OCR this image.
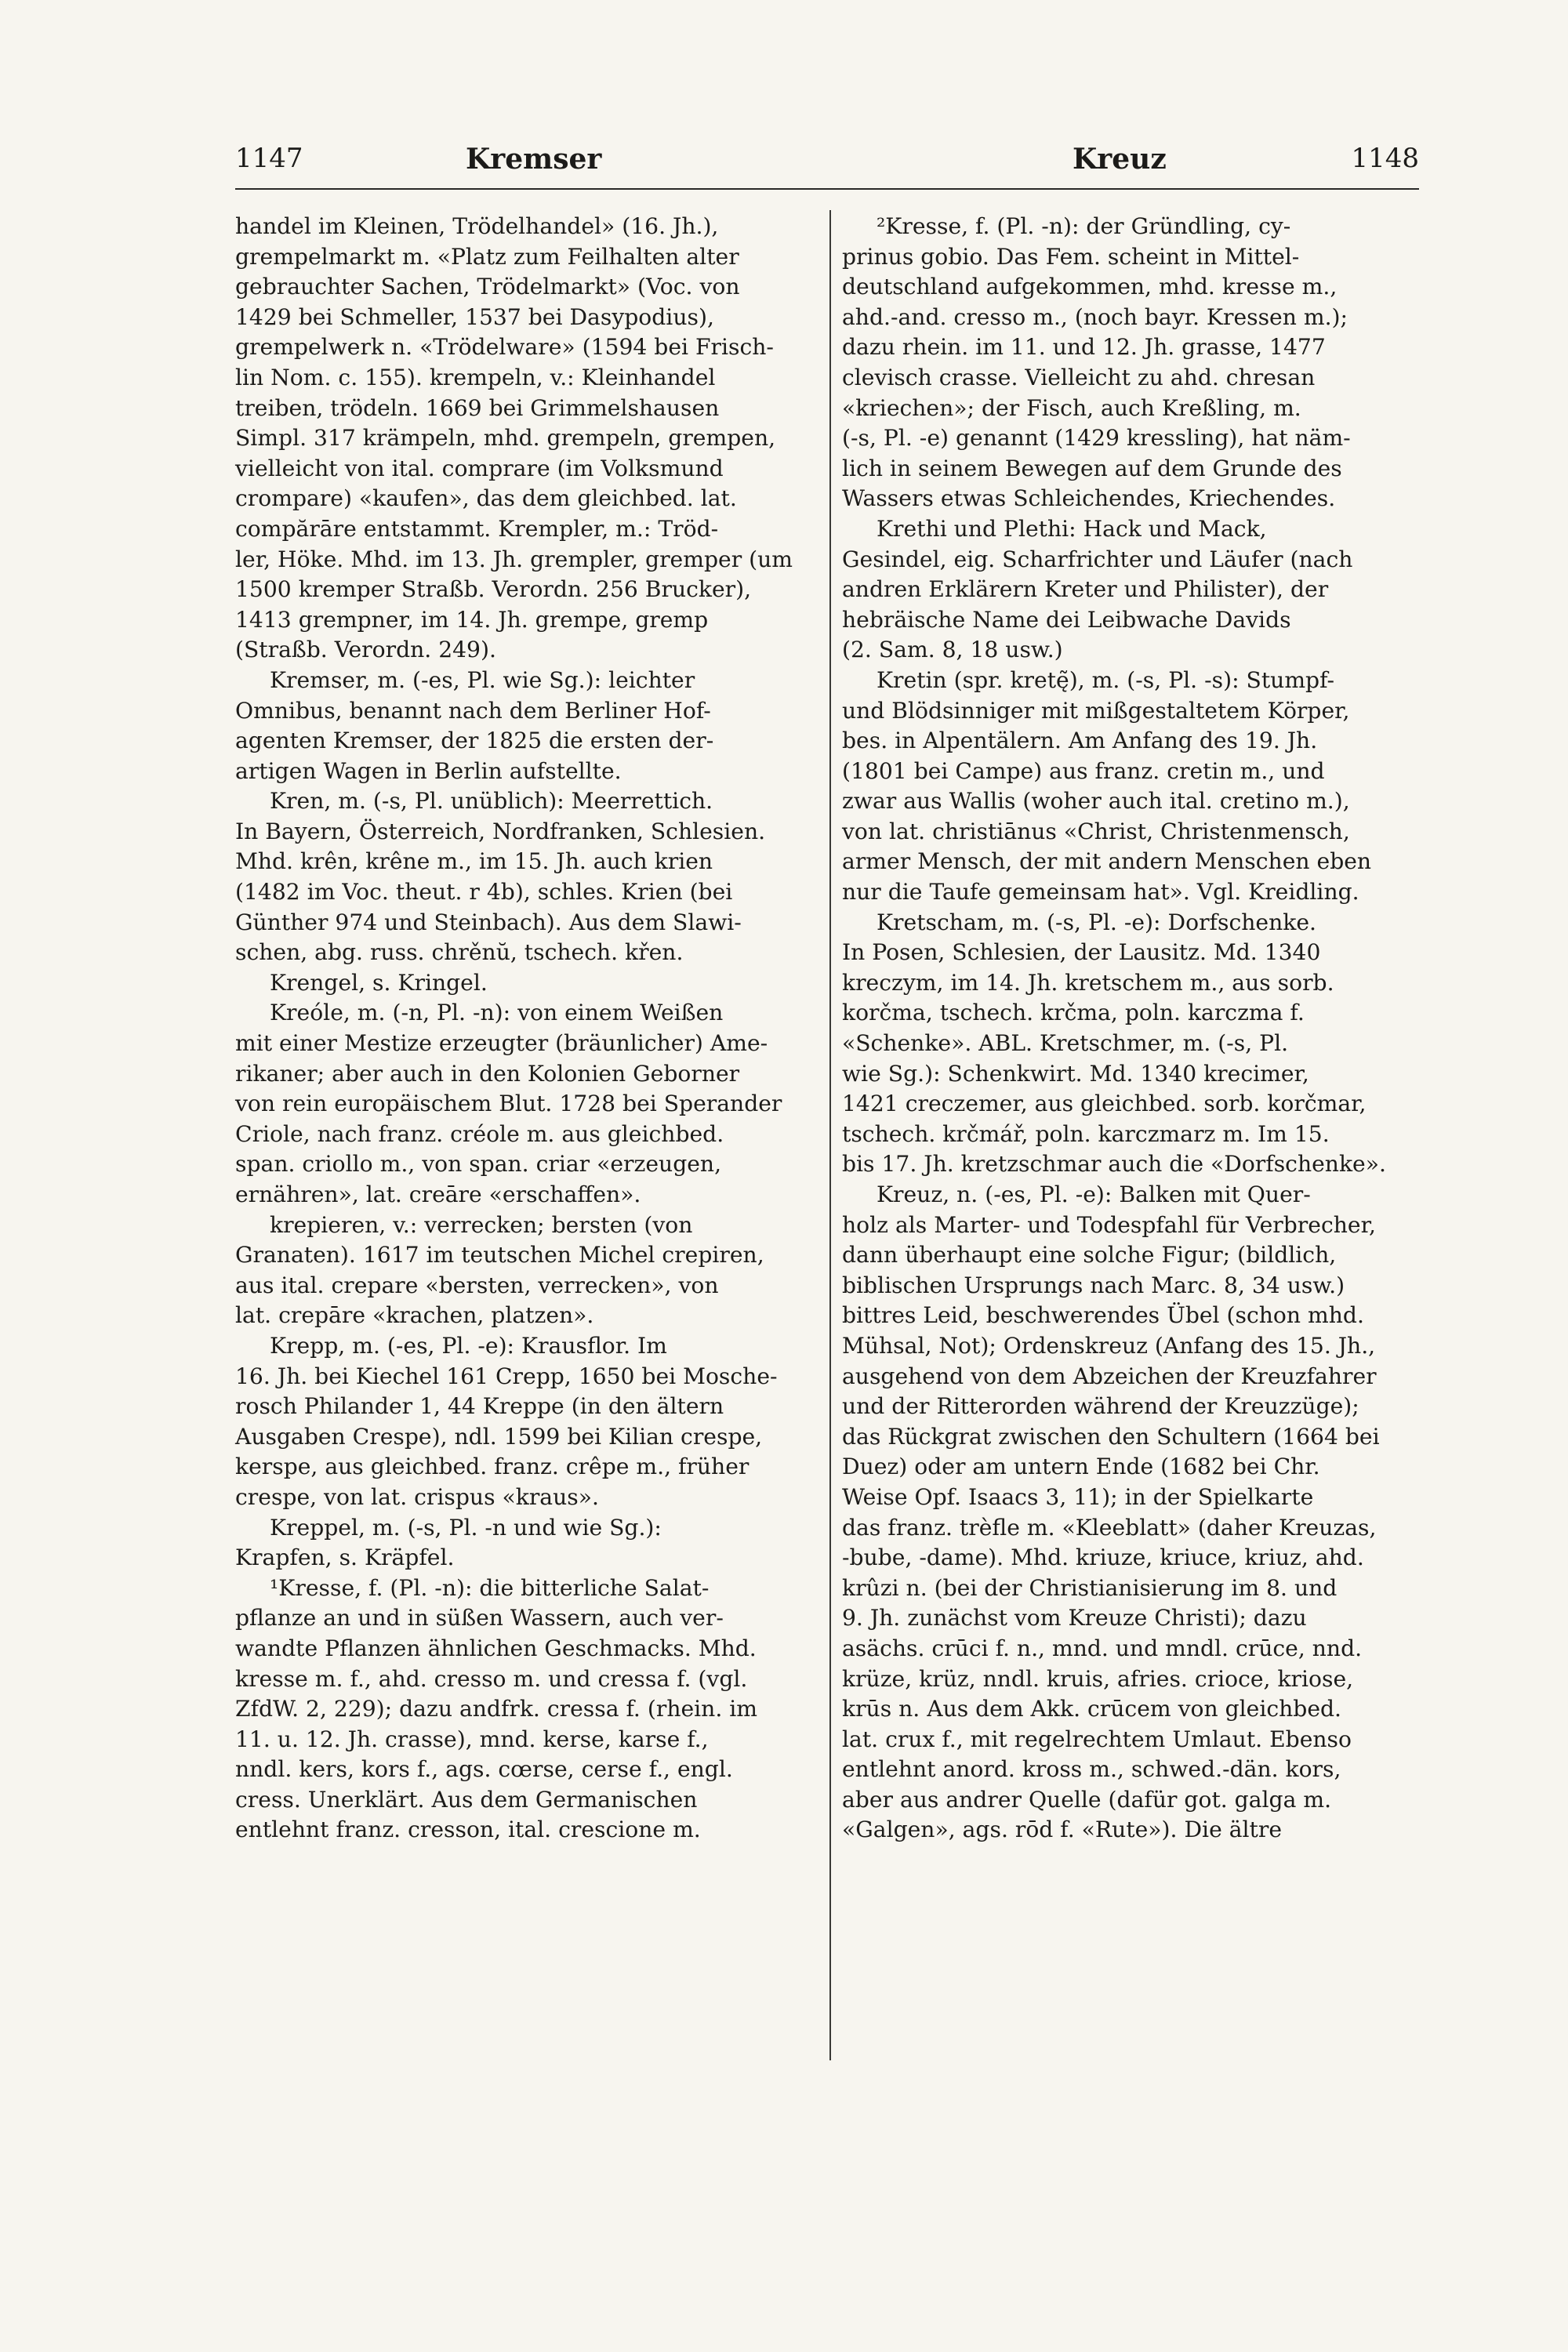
1147	Kremser	Kreuz	1148
handel im Kleinen, Trödelhandel» (16. Jh.),
grempelmarkt m. «Platz zum Feilhalten alter
gebrauchter Sachen, Trödelmarkt» (Voc. von
1429 bei Schmeller, 1537 bei Dasypodius),
grempelwerk n. «Trödelware» (1594 bei Frisch-
lin Nom. c. 155). krempeln, v.: Kleinhandel
treiben, trödeln. 1669 bei Grimmelshausen
Simpl. 317 krämpeln, mhd. grempeln, grempen,
vielleicht von ital. comprare (im Volksmund
crompare) «kaufen», das dem gleichbed. lat.
compărāre entstammt. Krempler, m.: Tröd-
ler, Höke. Mhd. im 13. Jh. grempler, gremper (um
1500 kremper Straßb. Verordn. 256 Brucker),
1413 grempner, im 14. Jh. grempe, gremp
(Straßb. Verordn. 249).
Kremser, m. (-es, Pl. wie Sg.): leichter
Omnibus, benannt nach dem Berliner Hof-
agenten Kremser, der 1825 die ersten der-
artigen Wagen in Berlin aufstellte.
Kren, m. (-s, Pl. unüblich): Meerrettich.
In Bayern, Österreich, Nordfranken, Schlesien.
Mhd. krên, krêne m., im 15. Jh. auch krien
(1482 im Voc. theut. r 4b), schles. Krien (bei
Günther 974 und Steinbach). Aus dem Slawi-
schen, abg. russ. chrěnŭ, tschech. křen.
Krengel, s. Kringel.
Kreóle, m. (-n, Pl. -n): von einem Weißen
mit einer Mestize erzeugter (bräunlicher) Ame-
rikaner; aber auch in den Kolonien Geborner
von rein europäischem Blut. 1728 bei Sperander
Criole, nach franz. créole m. aus gleichbed.
span. criollo m., von span. criar «erzeugen,
ernähren», lat. creāre «erschaffen».
krepieren, v.: verrecken; bersten (von
Granaten). 1617 im teutschen Michel crepiren,
aus ital. crepare «bersten, verrecken», von
lat. crepāre «krachen, platzen».
Krepp, m. (-es, Pl. -e): Krausflor. Im
16. Jh. bei Kiechel 161 Crepp, 1650 bei Mosche-
rosch Philander 1, 44 Kreppe (in den ältern
Ausgaben Crespe), ndl. 1599 bei Kilian crespe,
kerspe, aus gleichbed. franz. crêpe m., früher
crespe, von lat. crispus «kraus».
Kreppel, m. (-s, Pl. -n und wie Sg.):
Krapfen, s. Kräpfel.
¹Kresse, f. (Pl. -n): die bitterliche Salat-
pflanze an und in süßen Wassern, auch ver-
wandte Pflanzen ähnlichen Geschmacks. Mhd.
kresse m. f., ahd. cresso m. und cressa f. (vgl.
ZfdW. 2, 229); dazu andfrk. cressa f. (rhein. im
11. u. 12. Jh. crasse), mnd. kerse, karse f.,
nndl. kers, kors f., ags. cœrse, cerse f., engl.
cress. Unerklärt. Aus dem Germanischen
entlehnt franz. cresson, ital. crescione m.
²Kresse, f. (Pl. -n): der Gründling, cy-
prinus gobio. Das Fem. scheint in Mittel-
deutschland aufgekommen, mhd. kresse m.,
ahd.-and. cresso m., (noch bayr. Kressen m.);
dazu rhein. im 11. und 12. Jh. grasse, 1477
clevisch crasse. Vielleicht zu ahd. chresan
«kriechen»; der Fisch, auch Kreßling, m.
(-s, Pl. -e) genannt (1429 kressling), hat näm-
lich in seinem Bewegen auf dem Grunde des
Wassers etwas Schleichendes, Kriechendes.
Krethi und Plethi: Hack und Mack,
Gesindel, eig. Scharfrichter und Läufer (nach
andren Erklärern Kreter und Philister), der
hebräische Name dei Leibwache Davids
(2. Sam. 8, 18 usw.)
Kretin (spr. kretę̃), m. (-s, Pl. -s): Stumpf-
und Blödsinniger mit mißgestaltetem Körper,
bes. in Alpentälern. Am Anfang des 19. Jh.
(1801 bei Campe) aus franz. cretin m., und
zwar aus Wallis (woher auch ital. cretino m.),
von lat. christiānus «Christ, Christenmensch,
armer Mensch, der mit andern Menschen eben
nur die Taufe gemeinsam hat». Vgl. Kreidling.
Kretscham, m. (-s, Pl. -e): Dorfschenke.
In Posen, Schlesien, der Lausitz. Md. 1340
kreczym, im 14. Jh. kretschem m., aus sorb.
korčma, tschech. krčma, poln. karczma f.
«Schenke». ABL. Kretschmer, m. (-s, Pl.
wie Sg.): Schenkwirt. Md. 1340 krecimer,
1421 creczemer, aus gleichbed. sorb. korčmar,
tschech. krčmář, poln. karczmarz m. Im 15.
bis 17. Jh. kretzschmar auch die «Dorfschenke».
Kreuz, n. (-es, Pl. -e): Balken mit Quer-
holz als Marter- und Todespfahl für Verbrecher,
dann überhaupt eine solche Figur; (bildlich,
biblischen Ursprungs nach Marc. 8, 34 usw.)
bittres Leid, beschwerendes Übel (schon mhd.
Mühsal, Not); Ordenskreuz (Anfang des 15. Jh.,
ausgehend von dem Abzeichen der Kreuzfahrer
und der Ritterorden während der Kreuzzüge);
das Rückgrat zwischen den Schultern (1664 bei
Duez) oder am untern Ende (1682 bei Chr.
Weise Opf. Isaacs 3, 11); in der Spielkarte
das franz. trèfle m. «Kleeblatt» (daher Kreuzas,
-bube, -dame). Mhd. kriuze, kriuce, kriuz, ahd.
krûzi n. (bei der Christianisierung im 8. und
9. Jh. zunächst vom Kreuze Christi); dazu
asächs. crūci f. n., mnd. und mndl. crūce, nnd.
krüze, krüz, nndl. kruis, afries. crioce, kriose,
krūs n. Aus dem Akk. crūcem von gleichbed.
lat. crux f., mit regelrechtem Umlaut. Ebenso
entlehnt anord. kross m., schwed.-dän. kors,
aber aus andrer Quelle (dafür got. galga m.
«Galgen», ags. rōd f. «Rute»). Die ältre
